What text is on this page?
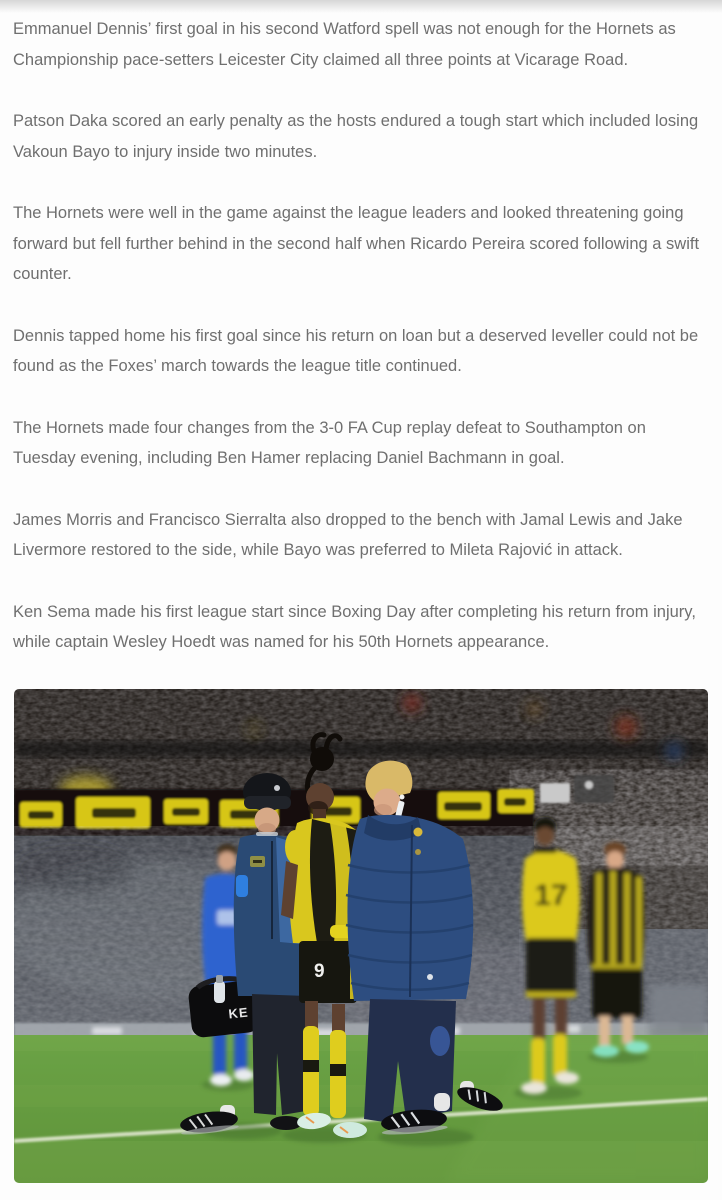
Emmanuel Dennis’ first goal in his second Watford spell was not enough for the Hornets as Championship pace-setters Leicester City claimed all three points at Vicarage Road.

Patson Daka scored an early penalty as the hosts endured a tough start which included losing Vakoun Bayo to injury inside two minutes.

The Hornets were well in the game against the league leaders and looked threatening going forward but fell further behind in the second half when Ricardo Pereira scored following a swift counter.

Dennis tapped home his first goal since his return on loan but a deserved leveller could not be found as the Foxes’ march towards the league title continued.

The Hornets made four changes from the 3-0 FA Cup replay defeat to Southampton on Tuesday evening, including Ben Hamer replacing Daniel Bachmann in goal.

James Morris and Francisco Sierralta also dropped to the bench with Jamal Lewis and Jake Livermore restored to the side, while Bayo was preferred to Mileta Rajović in attack.

Ken Sema made his first league start since Boxing Day after completing his return from injury, while captain Wesley Hoedt was named for his 50th Hornets appearance.

17
KE
9
